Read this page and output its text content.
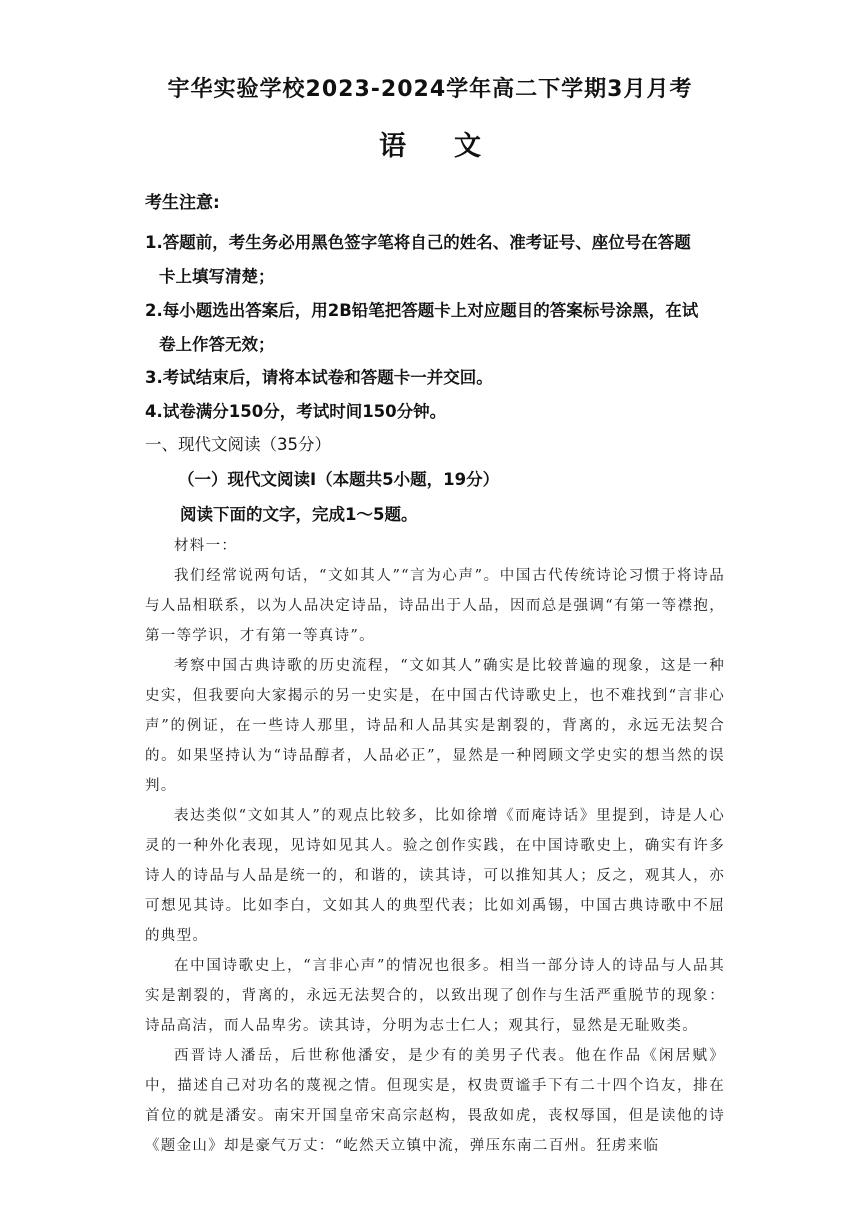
宇华实验学校2023-2024学年高二下学期3月月考
语文
考生注意:
1.答题前，考生务必用黑色签字笔将自己的姓名、准考证号、座位号在答题
卡上填写清楚；
2.每小题选出答案后，用2B铅笔把答题卡上对应题目的答案标号涂黑，在试
卷上作答无效；
3.考试结束后，请将本试卷和答题卡一并交回。
4.试卷满分150分，考试时间150分钟。
一、现代文阅读（35分）
（一）现代文阅读Ⅰ（本题共5小题，19分）
阅读下面的文字，完成1～5题。

材料一：

我们经常说两句话，“文如其人”“言为心声”。中国古代传统诗论习惯于将诗品与人品相联系，以为人品决定诗品，诗品出于人品，因而总是强调“有第一等襟抱，第一等学识，才有第一等真诗”。

考察中国古典诗歌的历史流程，“文如其人”确实是比较普遍的现象，这是一种史实，但我要向大家揭示的另一史实是，在中国古代诗歌史上，也不难找到“言非心声”的例证，在一些诗人那里，诗品和人品其实是割裂的，背离的，永远无法契合的。如果坚持认为“诗品醇者，人品必正”，显然是一种罔顾文学史实的想当然的误判。

表达类似“文如其人”的观点比较多，比如徐增《而庵诗话》里提到，诗是人心灵的一种外化表现，见诗如见其人。验之创作实践，在中国诗歌史上，确实有许多诗人的诗品与人品是统一的，和谐的，读其诗，可以推知其人；反之，观其人，亦可想见其诗。比如李白，文如其人的典型代表；比如刘禹锡，中国古典诗歌中不屈的典型。

在中国诗歌史上，“言非心声”的情况也很多。相当一部分诗人的诗品与人品其实是割裂的，背离的，永远无法契合的，以致出现了创作与生活严重脱节的现象：诗品高洁，而人品卑劣。读其诗，分明为志士仁人；观其行，显然是无耻败类。

西晋诗人潘岳，后世称他潘安，是少有的美男子代表。他在作品《闲居赋》中，描述自己对功名的蔑视之情。但现实是，权贵贾谧手下有二十四个诌友，排在首位的就是潘安。南宋开国皇帝宋高宗赵构，畏敌如虎，丧权辱国，但是读他的诗《题金山》却是豪气万丈：“屹然天立镇中流，弹压东南二百州。狂虏来临
